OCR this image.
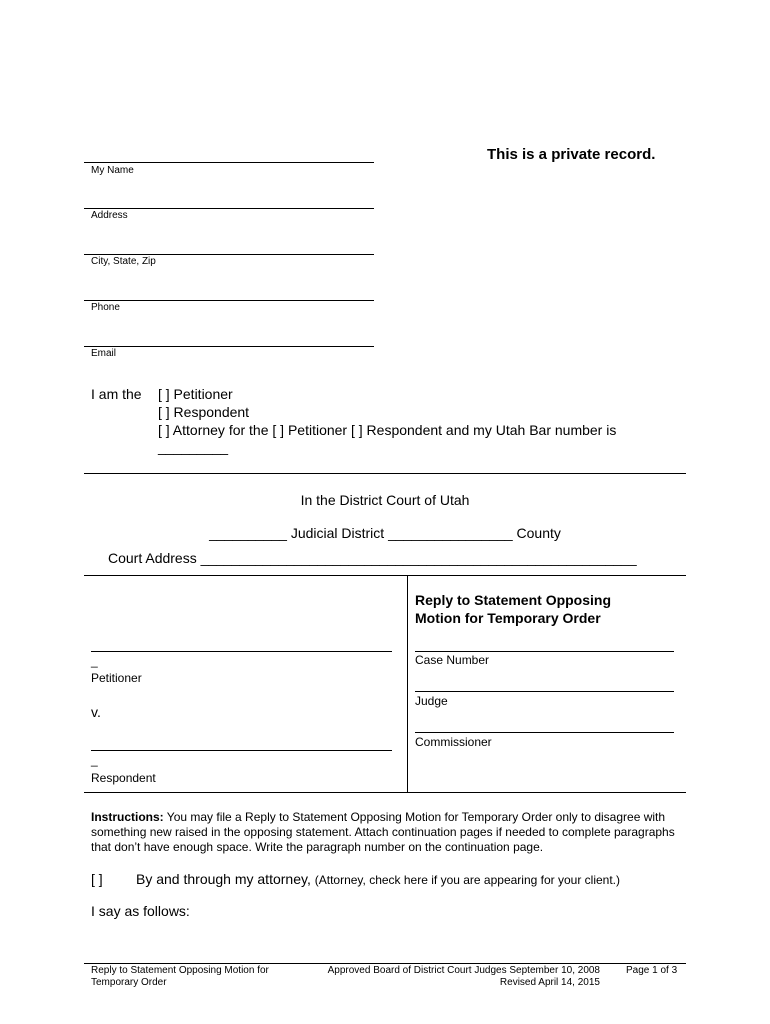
This is a private record.
My Name
Address
City, State, Zip
Phone
Email
I am the [ ] Petitioner
[ ] Respondent
[ ] Attorney for the [ ] Petitioner [ ] Respondent and my Utah Bar number is
_________
In the District Court of Utah
__________ Judicial District ________________ County
Court Address ________________________________________________________
_
Petitioner
v.
_
Respondent
Reply to Statement Opposing
Motion for Temporary Order
Case Number
Judge
Commissioner
Instructions: You may file a Reply to Statement Opposing Motion for Temporary Order only to disagree with something new raised in the opposing statement. Attach continuation pages if needed to complete paragraphs that don’t have enough space. Write the paragraph number on the continuation page.
[ ] By and through my attorney, (Attorney, check here if you are appearing for your client.)
I say as follows:
Reply to Statement Opposing Motion for
Temporary Order
Approved Board of District Court Judges September 10, 2008
Revised April 14, 2015
Page 1 of 3
